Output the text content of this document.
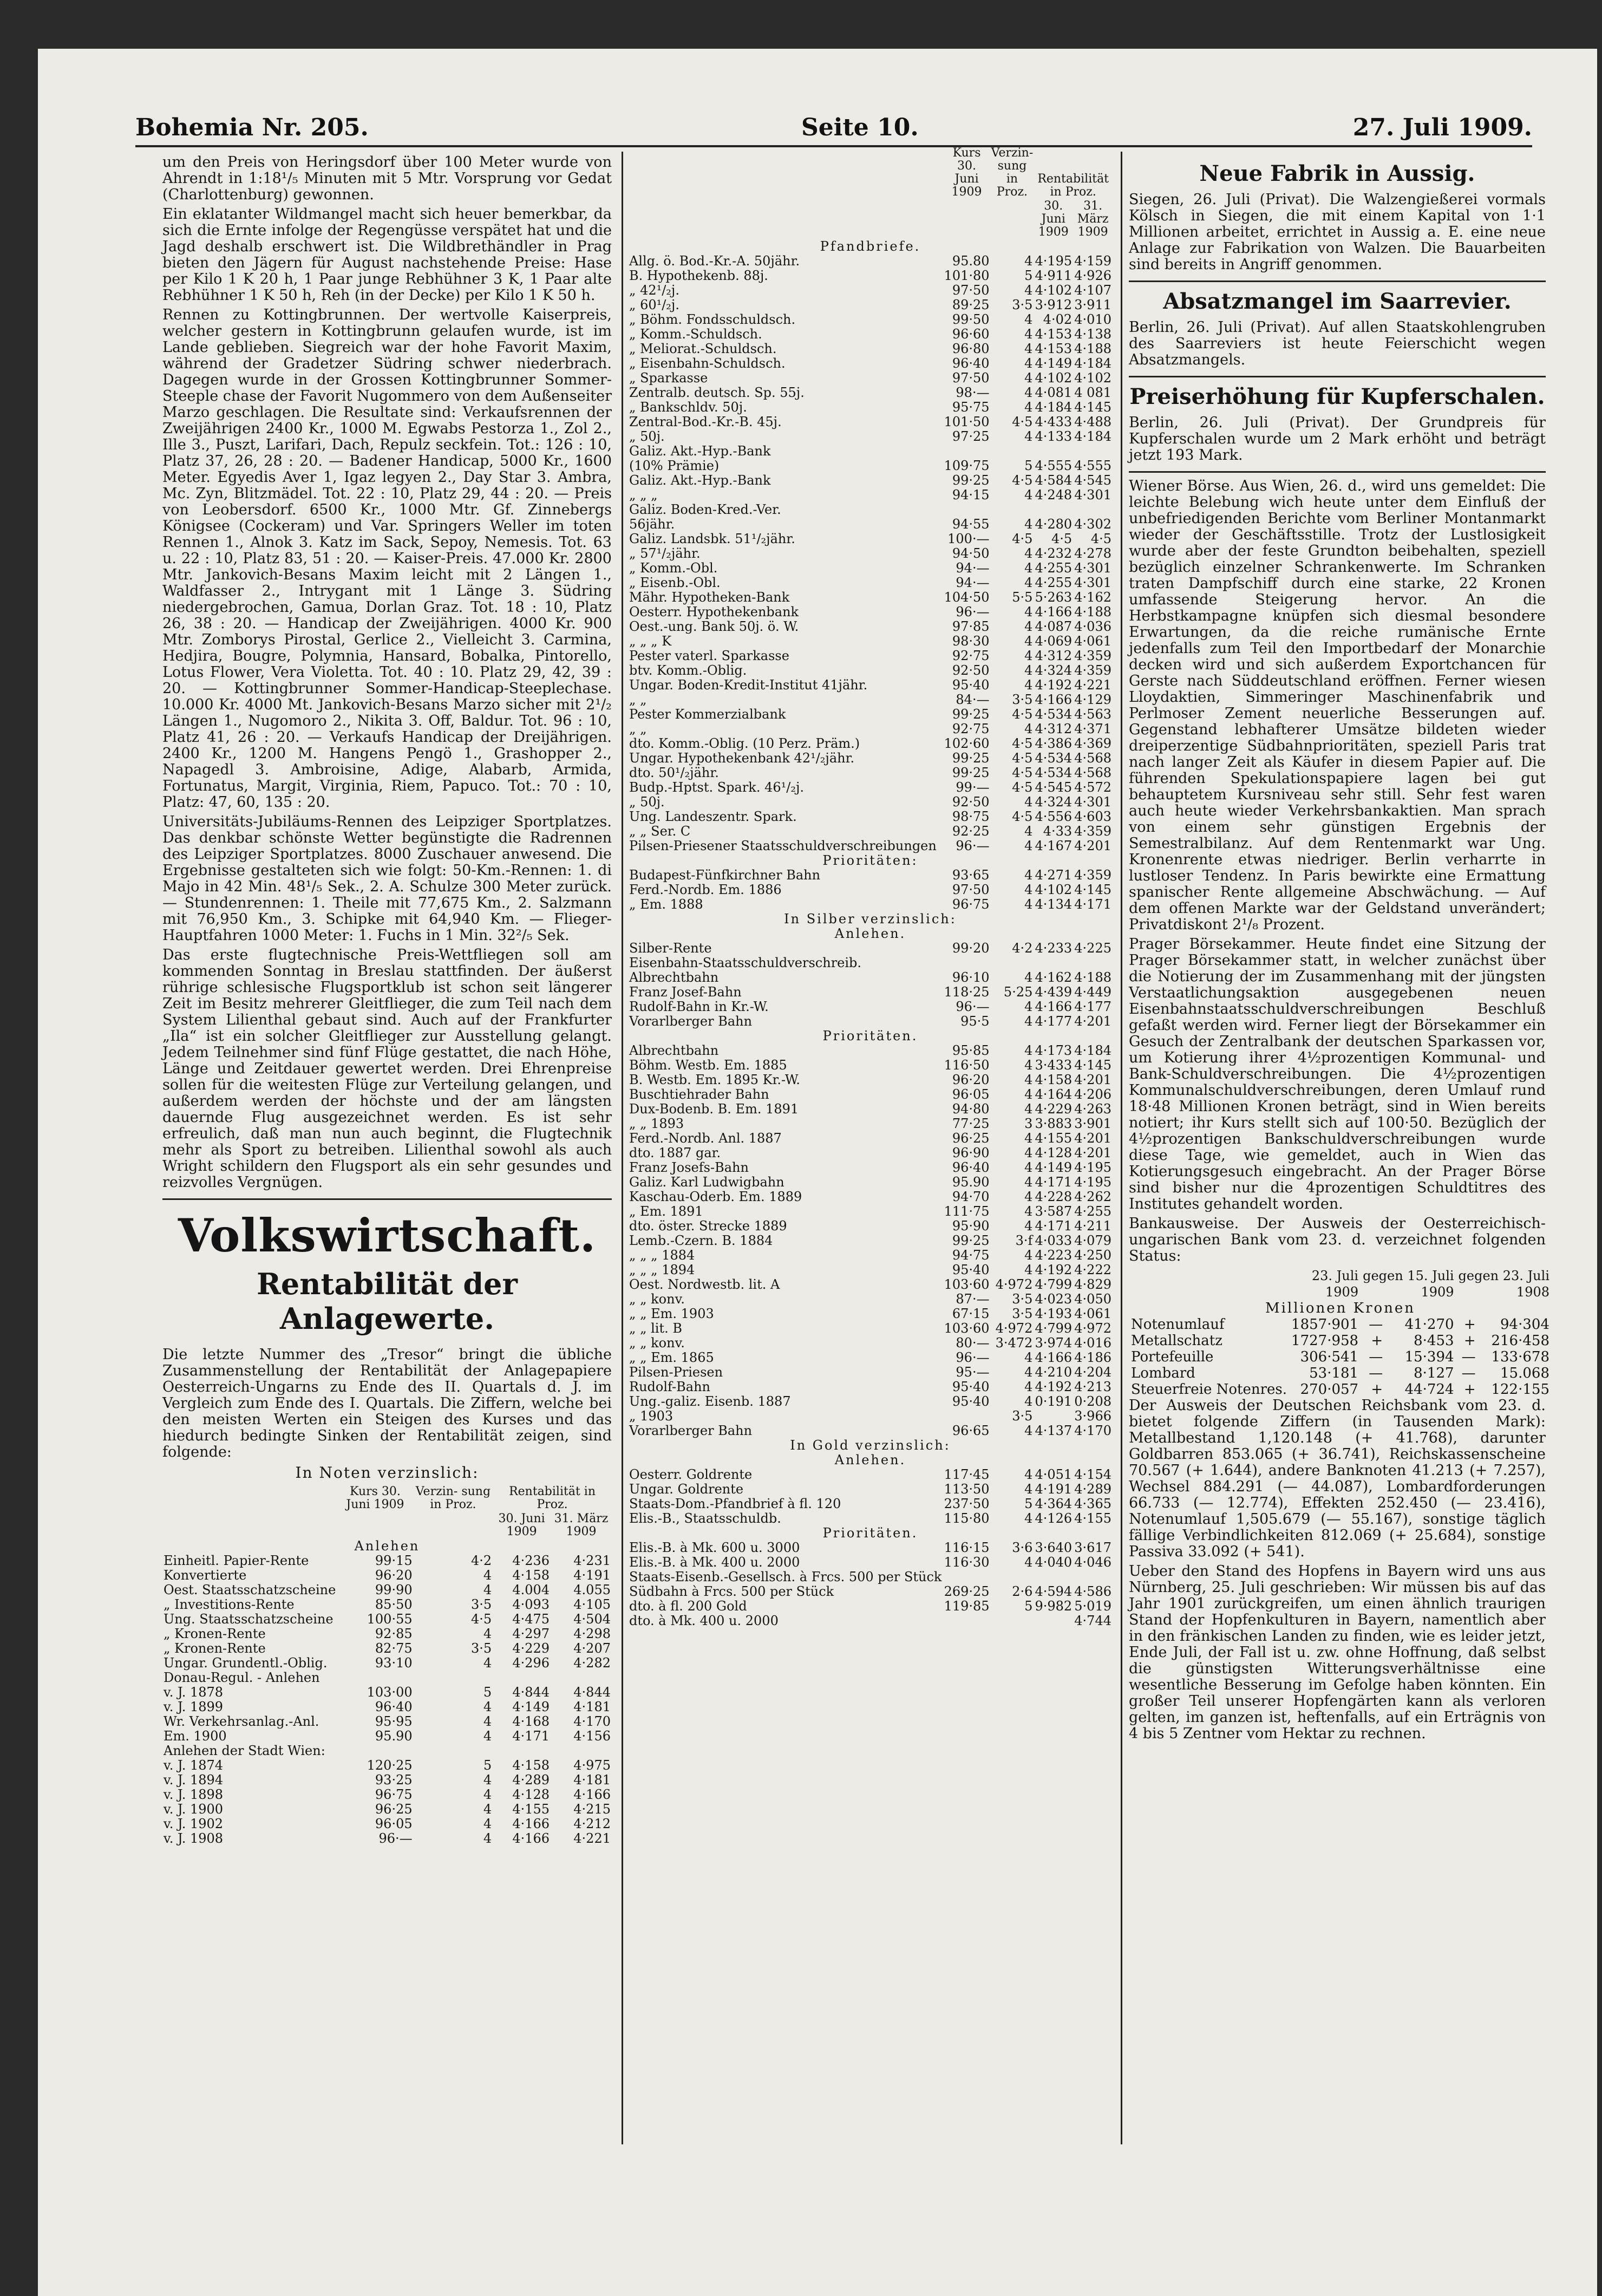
Bohemia Nr. 205.	Seite 10.	27. Juli 1909.

um den Preis von Heringsdorf über 100 Meter wurde von Ahrendt in 1:18¹/₅ Minuten mit 5 Mtr. Vorsprung vor Gedat (Charlottenburg) gewonnen.

Ein eklatanter Wildmangel macht sich heuer bemerkbar, da sich die Ernte infolge der Regengüsse verspätet hat und die Jagd deshalb erschwert ist. Die Wildbrethändler in Prag bieten den Jägern für August nachstehende Preise: Hase per Kilo 1 K 20 h, 1 Paar junge Rebhühner 3 K, 1 Paar alte Rebhühner 1 K 50 h, Reh (in der Decke) per Kilo 1 K 50 h.

Rennen zu Kottingbrunnen. Der wertvolle Kaiserpreis, welcher gestern in Kottingbrunn gelaufen wurde, ist im Lande geblieben. Siegreich war der hohe Favorit Maxim, während der Gradetzer Südring schwer niederbrach. Dagegen wurde in der Grossen Kottingbrunner Sommer-Steeple chase der Favorit Nugommero von dem Außenseiter Marzo geschlagen. Die Resultate sind: Verkaufsrennen der Zweijährigen 2400 Kr., 1000 M. Egwabs Pestorza 1., Zol 2., Ille 3., Puszt, Larifari, Dach, Repulz seckfein. Tot.: 126 : 10, Platz 37, 26, 28 : 20. — Badener Handicap, 5000 Kr., 1600 Meter. Egyedis Aver 1, Igaz legyen 2., Day Star 3. Ambra, Mc. Zyn, Blitzmädel. Tot. 22 : 10, Platz 29, 44 : 20. — Preis von Leobersdorf. 6500 Kr., 1000 Mtr. Gf. Zinnebergs Königsee (Cockeram) und Var. Springers Weller im toten Rennen 1., Alnok 3. Katz im Sack, Sepoy, Nemesis. Tot. 63 u. 22 : 10, Platz 83, 51 : 20. — Kaiser-Preis. 47.000 Kr. 2800 Mtr. Jankovich-Besans Maxim leicht mit 2 Längen 1., Waldfasser 2., Intrygant mit 1 Länge 3. Südring niedergebrochen, Gamua, Dorlan Graz. Tot. 18 : 10, Platz 26, 38 : 20. — Handicap der Zweijährigen. 4000 Kr. 900 Mtr. Zomborys Pirostal, Gerlice 2., Vielleicht 3. Carmina, Hedjira, Bougre, Polymnia, Hansard, Bobalka, Pintorello, Lotus Flower, Vera Violetta. Tot. 40 : 10. Platz 29, 42, 39 : 20. — Kottingbrunner Sommer-Handicap-Steeplechase. 10.000 Kr. 4000 Mt. Jankovich-Besans Marzo sicher mit 2¹/₂ Längen 1., Nugomoro 2., Nikita 3. Off, Baldur. Tot. 96 : 10, Platz 41, 26 : 20. — Verkaufs Handicap der Dreijährigen. 2400 Kr., 1200 M. Hangens Pengö 1., Grashopper 2., Napagedl 3. Ambroisine, Adige, Alabarb, Armida, Fortunatus, Margit, Virginia, Riem, Papuco. Tot.: 70 : 10, Platz: 47, 60, 135 : 20.

Universitäts-Jubiläums-Rennen des Leipziger Sportplatzes. Das denkbar schönste Wetter begünstigte die Radrennen des Leipziger Sportplatzes. 8000 Zuschauer anwesend. Die Ergebnisse gestalteten sich wie folgt: 50-Km.-Rennen: 1. di Majo in 42 Min. 48¹/₅ Sek., 2. A. Schulze 300 Meter zurück. — Stundenrennen: 1. Theile mit 77,675 Km., 2. Salzmann mit 76,950 Km., 3. Schipke mit 64,940 Km. — Flieger-Hauptfahren 1000 Meter: 1. Fuchs in 1 Min. 32²/₅ Sek.

Das erste flugtechnische Preis-Wettfliegen soll am kommenden Sonntag in Breslau stattfinden. Der äußerst rührige schlesische Flugsportklub ist schon seit längerer Zeit im Besitz mehrerer Gleitflieger, die zum Teil nach dem System Lilienthal gebaut sind. Auch auf der Frankfurter „Ila“ ist ein solcher Gleitflieger zur Ausstellung gelangt. Jedem Teilnehmer sind fünf Flüge gestattet, die nach Höhe, Länge und Zeitdauer gewertet werden. Drei Ehrenpreise sollen für die weitesten Flüge zur Verteilung gelangen, und außerdem werden der höchste und der am längsten dauernde Flug ausgezeichnet werden. Es ist sehr erfreulich, daß man nun auch beginnt, die Flugtechnik mehr als Sport zu betreiben. Lilienthal sowohl als auch Wright schildern den Flugsport als ein sehr gesundes und reizvolles Vergnügen.

Volkswirtschaft.
Rentabilität der Anlagewerte.

Die letzte Nummer des „Tresor“ bringt die übliche Zusammenstellung der Rentabilität der Anlagepapiere Oesterreich-Ungarns zu Ende des II. Quartals d. J. im Vergleich zum Ende des I. Quartals. Die Ziffern, welche bei den meisten Werten ein Steigen des Kurses und das hiedurch bedingte Sinken der Rentabilität zeigen, sind folgende:

In Noten verzinslich:
	Kurs 30. Juni 1909	Verzin- sung in Proz.	Rentabilität in Proz.	
			30. Juni 1909	31. März 1909
Anlehen				
Einheitl. Papier-Rente	99·15	4·2	4·236	4·231
Konvertierte	96·20	4	4·158	4·191
Oest. Staatsschatzscheine	99·90	4	4.004	4.055
„ Investitions-Rente	85·50	3·5	4·093	4·105
Ung. Staatsschatzscheine	100·55	4·5	4·475	4·504
„ Kronen-Rente	92·85	4	4·297	4·298
„ Kronen-Rente	82·75	3·5	4·229	4·207
Ungar. Grundentl.-Oblig.	93·10	4	4·296	4·282
Donau-Regul. - Anlehen				
v. J. 1878	103·00	5	4·844	4·844
v. J. 1899	96·40	4	4·149	4·181
Wr. Verkehrsanlag.-Anl.	95·95	4	4·168	4·170
Em. 1900	95.90	4	4·171	4·156
Anlehen der Stadt Wien:				
v. J. 1874	120·25	5	4·158	4·975
v. J. 1894	93·25	4	4·289	4·181
v. J. 1898	96·75	4	4·128	4·166
v. J. 1900	96·25	4	4·155	4·215
v. J. 1902	96·05	4	4·166	4·212
v. J. 1908	96·—	4	4·166	4·221
	Kurs 30. Juni 1909	Verzin- sung in Proz.	Rentabilität in Proz.	
			30. Juni 1909	31. März 1909
Pfandbriefe.				
Allg. ö. Bod.-Kr.-A. 50jähr.	95.80	4	4·195	4·159
B. Hypothekenb. 88j.	101·80	5	4·911	4·926
„ 42¹/₂j.	97·50	4	4·102	4·107
„ 60¹/₂j.	89·25	3·5	3·912	3·911
„ Böhm. Fondsschuldsch.	99·50	4	4·02	4·010
„ Komm.-Schuldsch.	96·60	4	4·153	4·138
„ Meliorat.-Schuldsch.	96·80	4	4·153	4·188
„ Eisenbahn-Schuldsch.	96·40	4	4·149	4·184
„ Sparkasse	97·50	4	4·102	4·102
Zentralb. deutsch. Sp. 55j.	98·—	4	4·081	4 081
„ Bankschldv. 50j.	95·75	4	4·184	4·145
Zentral-Bod.-Kr.-B. 45j.	101·50	4·5	4·433	4·488
„ 50j.	97·25	4	4·133	4·184
Galiz. Akt.-Hyp.-Bank				
(10% Prämie)	109·75	5	4·555	4·555
Galiz. Akt.-Hyp.-Bank	99·25	4·5	4·584	4·545
„ „ „	94·15	4	4·248	4·301
Galiz. Boden-Kred.-Ver.				
56jähr.	94·55	4	4·280	4·302
Galiz. Landsbk. 51¹/₂jähr.	100·—	4·5	4·5	4·5
„ 57¹/₂jähr.	94·50	4	4·232	4·278
„ Komm.-Obl.	94·—	4	4·255	4·301
„ Eisenb.-Obl.	94·—	4	4·255	4·301
Mähr. Hypotheken-Bank	104·50	5·5	5·263	4·162
Oesterr. Hypothekenbank	96·—	4	4·166	4·188
Oest.-ung. Bank 50j. ö. W.	97·85	4	4·087	4·036
„ „ „ K	98·30	4	4·069	4·061
Pester vaterl. Sparkasse	92·75	4	4·312	4·359
btv. Komm.-Oblig.	92·50	4	4·324	4·359
Ungar. Boden-Kredit-Institut 41jähr.	95·40	4	4·192	4·221
„ „	84·—	3·5	4·166	4·129
Pester Kommerzialbank	99·25	4·5	4·534	4·563
„ „	92·75	4	4·312	4·371
dto. Komm.-Oblig. (10 Perz. Präm.)	102·60	4·5	4·386	4·369
Ungar. Hypothekenbank 42¹/₂jähr.	99·25	4·5	4·534	4·568
dto. 50¹/₂jähr.	99·25	4·5	4·534	4·568
Budp.-Hptst. Spark. 46¹/₂j.	99·—	4·5	4·545	4·572
„ 50j.	92·50	4	4·324	4·301
Ung. Landeszentr. Spark.	98·75	4·5	4·556	4·603
„ „ Ser. C	92·25	4	4·33	4·359
Pilsen-Priesener Staatsschuldverschreibungen	96·—	4	4·167	4·201
Prioritäten:				
Budapest-Fünfkirchner Bahn	93·65	4	4·271	4·359
Ferd.-Nordb. Em. 1886	97·50	4	4·102	4·145
„ Em. 1888	96·75	4	4·134	4·171
In Silber verzinslich:				
Anlehen.				
Silber-Rente	99·20	4·2	4·233	4·225
Eisenbahn-Staatsschuldverschreib.				
Albrechtbahn	96·10	4	4·162	4·188
Franz Josef-Bahn	118·25	5·25	4·439	4·449
Rudolf-Bahn in Kr.-W.	96·—	4	4·166	4·177
Vorarlberger Bahn	95·5	4	4·177	4·201
Prioritäten.				
Albrechtbahn	95·85	4	4·173	4·184
Böhm. Westb. Em. 1885	116·50	4	3·433	4·145
B. Westb. Em. 1895 Kr.-W.	96·20	4	4·158	4·201
Buschtiehrader Bahn	96·05	4	4·164	4·206
Dux-Bodenb. B. Em. 1891	94·80	4	4·229	4·263
„ „ 1893	77·25	3	3·883	3·901
Ferd.-Nordb. Anl. 1887	96·25	4	4·155	4·201
dto. 1887 gar.	96·90	4	4·128	4·201
Franz Josefs-Bahn	96·40	4	4·149	4·195
Galiz. Karl Ludwigbahn	95.90	4	4·171	4·195
Kaschau-Oderb. Em. 1889	94·70	4	4·228	4·262
„ Em. 1891	111·75	4	3·587	4·255
dto. öster. Strecke 1889	95·90	4	4·171	4·211
Lemb.-Czern. B. 1884	99·25	3·f	4·033	4·079
„ „ „ 1884	94·75	4	4·223	4·250
„ „ „ 1894	95·40	4	4·192	4·222
Oest. Nordwestb. lit. A	103·60	4·972	4·799	4·829
„ „ konv.	87·—	3·5	4·023	4·050
„ „ Em. 1903	67·15	3·5	4·193	4·061
„ „ lit. B	103·60	4·972	4·799	4·972
„ „ konv.	80·—	3·472	3·974	4·016
„ „ Em. 1865	96·—	4	4·166	4·186
Pilsen-Priesen	95·—	4	4·210	4·204
Rudolf-Bahn	95·40	4	4·192	4·213
Ung.-galiz. Eisenb. 1887	95·40	4	0·191	0·208
„ 1903		3·5		3·966
Vorarlberger Bahn	96·65	4	4·137	4·170
In Gold verzinslich:				
Anlehen.				
Oesterr. Goldrente	117·45	4	4·051	4·154
Ungar. Goldrente	113·50	4	4·191	4·289
Staats-Dom.-Pfandbrief à fl. 120	237·50	5	4·364	4·365
Elis.-B., Staatsschuldb.	115·80	4	4·126	4·155
Prioritäten.				
Elis.-B. à Mk. 600 u. 3000	116·15	3·6	3·640	3·617
Elis.-B. à Mk. 400 u. 2000	116·30	4	4·040	4·046
Staats-Eisenb.-Gesellsch. à Frcs. 500 per Stück				
Südbahn à Frcs. 500 per Stück	269·25	2·6	4·594	4·586
dto. à fl. 200 Gold	119·85	5	9·982	5·019
dto. à Mk. 400 u. 2000				4·744
Neue Fabrik in Aussig.

Siegen, 26. Juli (Privat). Die Walzengießerei vormals Kölsch in Siegen, die mit einem Kapital von 1·1 Millionen arbeitet, errichtet in Aussig a. E. eine neue Anlage zur Fabrikation von Walzen. Die Bauarbeiten sind bereits in Angriff genommen.

Absatzmangel im Saarrevier.

Berlin, 26. Juli (Privat). Auf allen Staatskohlengruben des Saarreviers ist heute Feierschicht wegen Absatzmangels.

Preiserhöhung für Kupferschalen.

Berlin, 26. Juli (Privat). Der Grundpreis für Kupferschalen wurde um 2 Mark erhöht und beträgt jetzt 193 Mark.

Wiener Börse. Aus Wien, 26. d., wird uns gemeldet: Die leichte Belebung wich heute unter dem Einfluß der unbefriedigenden Berichte vom Berliner Montanmarkt wieder der Geschäftsstille. Trotz der Lustlosigkeit wurde aber der feste Grundton beibehalten, speziell bezüglich einzelner Schrankenwerte. Im Schranken traten Dampfschiff durch eine starke, 22 Kronen umfassende Steigerung hervor. An die Herbstkampagne knüpfen sich diesmal besondere Erwartungen, da die reiche rumänische Ernte jedenfalls zum Teil den Importbedarf der Monarchie decken wird und sich außerdem Exportchancen für Gerste nach Süddeutschland eröffnen. Ferner wiesen Lloydaktien, Simmeringer Maschinenfabrik und Perlmoser Zement neuerliche Besserungen auf. Gegenstand lebhafterer Umsätze bildeten wieder dreiperzentige Südbahnprioritäten, speziell Paris trat nach langer Zeit als Käufer in diesem Papier auf. Die führenden Spekulationspapiere lagen bei gut behauptetem Kursniveau sehr still. Sehr fest waren auch heute wieder Verkehrsbankaktien. Man sprach von einem sehr günstigen Ergebnis der Semestralbilanz. Auf dem Rentenmarkt war Ung. Kronenrente etwas niedriger. Berlin verharrte in lustloser Tendenz. In Paris bewirkte eine Ermattung spanischer Rente allgemeine Abschwächung. — Auf dem offenen Markte war der Geldstand unverändert; Privatdiskont 2¹/₈ Prozent.

Prager Börsekammer. Heute findet eine Sitzung der Prager Börsekammer statt, in welcher zunächst über die Notierung der im Zusammenhang mit der jüngsten Verstaatlichungsaktion ausgegebenen neuen Eisenbahnstaatsschuldverschreibungen Beschluß gefaßt werden wird. Ferner liegt der Börsekammer ein Gesuch der Zentralbank der deutschen Sparkassen vor, um Kotierung ihrer 4½prozentigen Kommunal- und Bank-Schuldverschreibungen. Die 4½prozentigen Kommunalschuldverschreibungen, deren Umlauf rund 18·48 Millionen Kronen beträgt, sind in Wien bereits notiert; ihr Kurs stellt sich auf 100·50. Bezüglich der 4½prozentigen Bankschuldverschreibungen wurde diese Tage, wie gemeldet, auch in Wien das Kotierungsgesuch eingebracht. An der Prager Börse sind bisher nur die 4prozentigen Schuldtitres des Institutes gehandelt worden.

Bankausweise. Der Ausweis der Oesterreichisch-ungarischen Bank vom 23. d. verzeichnet folgenden Status:

	23. Juli	gegen 15. Juli		gegen 23. Juli	
	1909	1909		1908	
Millionen Kronen					
Notenumlauf	1857·901	—	41·270	+	94·304
Metallschatz	1727·958	+	8·453	+	216·458
Portefeuille	306·541	—	15·394	—	133·678
Lombard	53·181	—	8·127	—	15.068
Steuerfreie Notenres.	270·057	+	44·724	+	122·155

Der Ausweis der Deutschen Reichsbank vom 23. d. bietet folgende Ziffern (in Tausenden Mark): Metallbestand 1,120.148 (+ 41.768), darunter Goldbarren 853.065 (+ 36.741), Reichskassenscheine 70.567 (+ 1.644), andere Banknoten 41.213 (+ 7.257), Wechsel 884.291 (— 44.087), Lombardforderungen 66.733 (— 12.774), Effekten 252.450 (— 23.416), Notenumlauf 1,505.679 (— 55.167), sonstige täglich fällige Verbindlichkeiten 812.069 (+ 25.684), sonstige Passiva 33.092 (+ 541).

Ueber den Stand des Hopfens in Bayern wird uns aus Nürnberg, 25. Juli geschrieben: Wir müssen bis auf das Jahr 1901 zurückgreifen, um einen ähnlich traurigen Stand der Hopfenkulturen in Bayern, namentlich aber in den fränkischen Landen zu finden, wie es leider jetzt, Ende Juli, der Fall ist u. zw. ohne Hoffnung, daß selbst die günstigsten Witterungsverhältnisse eine wesentliche Besserung im Gefolge haben könnten. Ein großer Teil unserer Hopfengärten kann als verloren gelten, im ganzen ist, heftenfalls, auf ein Erträgnis von 4 bis 5 Zentner vom Hektar zu rechnen.
